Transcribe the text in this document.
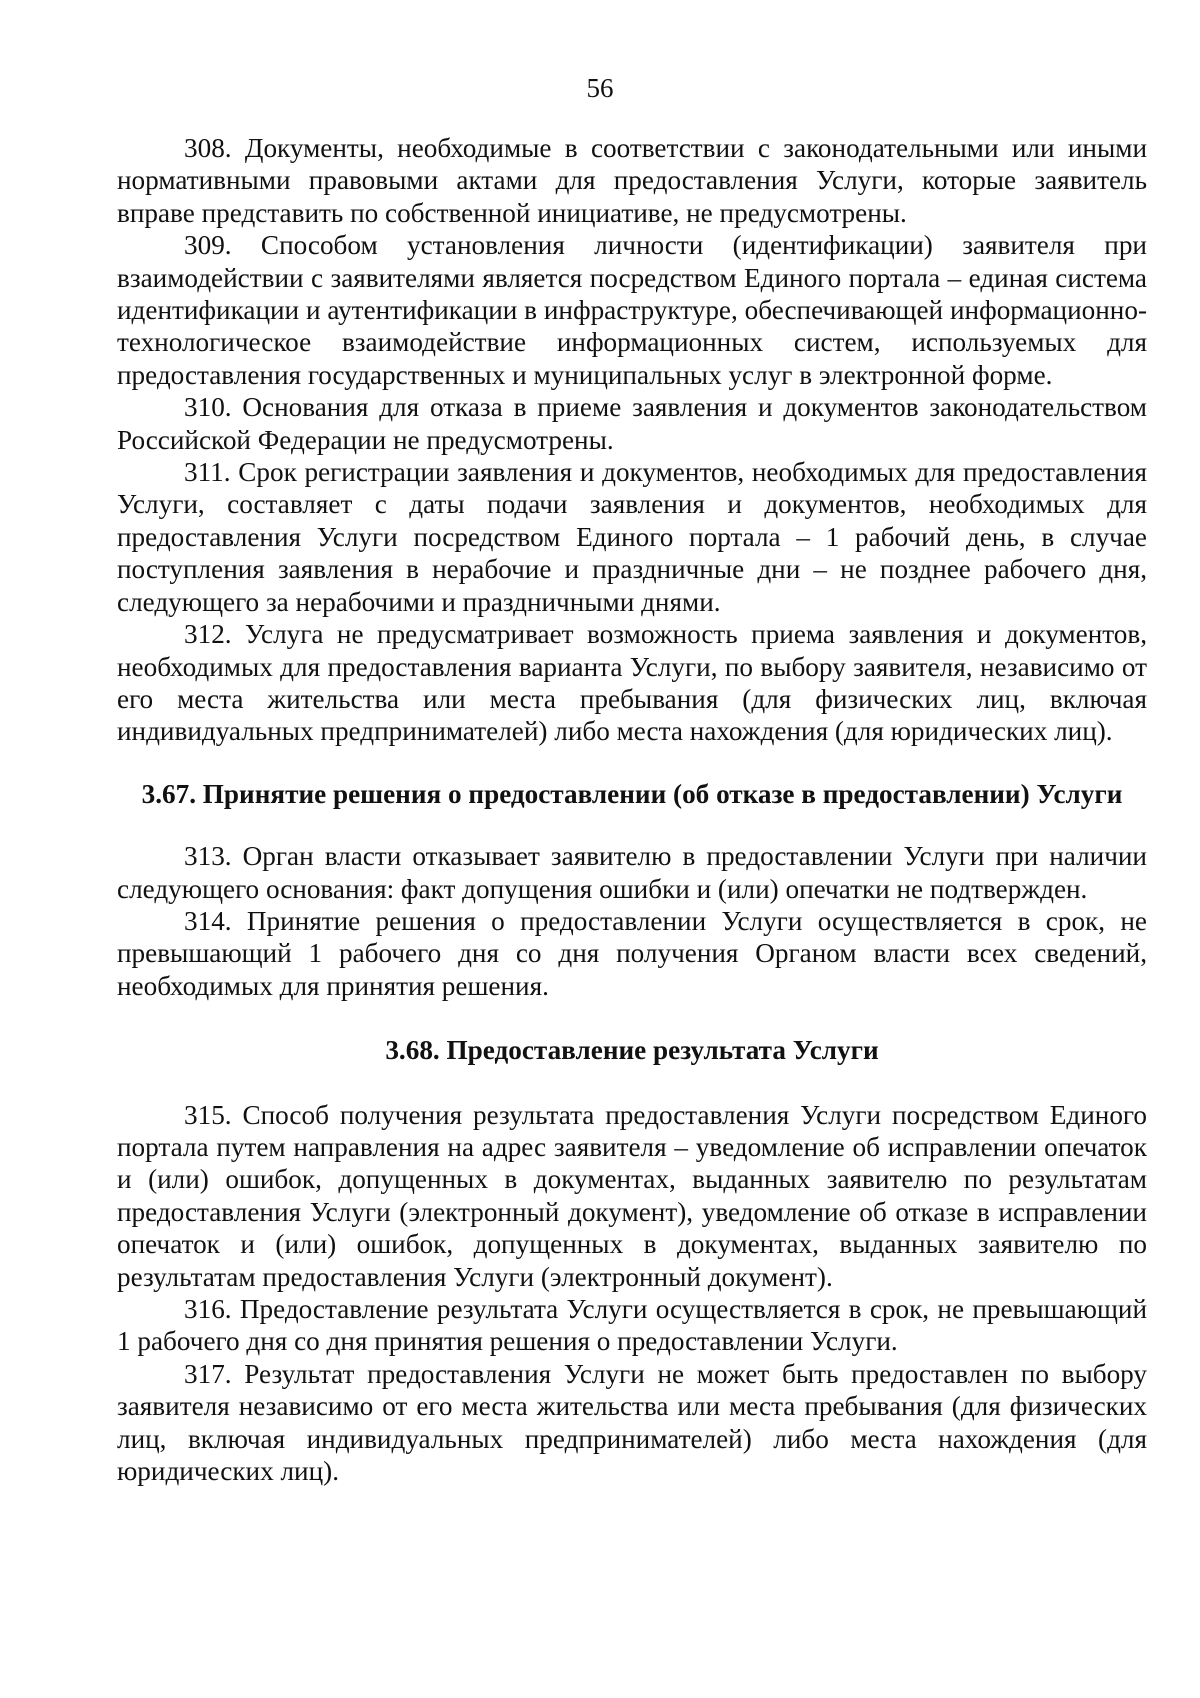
56

308. Документы, необходимые в соответствии с законодательными или иными нормативными правовыми актами для предоставления Услуги, которые заявитель вправе представить по собственной инициативе, не предусмотрены.

309. Способом установления личности (идентификации) заявителя при взаимодействии с заявителями является посредством Единого портала – единая система идентификации и аутентификации в инфраструктуре, обеспечивающей информационно-технологическое взаимодействие информационных систем, используемых для предоставления государственных и муниципальных услуг в электронной форме.

310. Основания для отказа в приеме заявления и документов законодательством Российской Федерации не предусмотрены.

311. Срок регистрации заявления и документов, необходимых для предоставления Услуги, составляет с даты подачи заявления и документов, необходимых для предоставления Услуги посредством Единого портала – 1 рабочий день, в случае поступления заявления в нерабочие и праздничные дни – не позднее рабочего дня, следующего за нерабочими и праздничными днями.

312. Услуга не предусматривает возможность приема заявления и документов, необходимых для предоставления варианта Услуги, по выбору заявителя, независимо от его места жительства или места пребывания (для физических лиц, включая индивидуальных предпринимателей) либо места нахождения (для юридических лиц).

3.67. Принятие решения о предоставлении (об отказе в предоставлении) Услуги

313. Орган власти отказывает заявителю в предоставлении Услуги при наличии следующего основания: факт допущения ошибки и (или) опечатки не подтвержден.

314. Принятие решения о предоставлении Услуги осуществляется в срок, не превышающий 1 рабочего дня со дня получения Органом власти всех сведений, необходимых для принятия решения.

3.68. Предоставление результата Услуги

315. Способ получения результата предоставления Услуги посредством Единого портала путем направления на адрес заявителя – уведомление об исправлении опечаток и (или) ошибок, допущенных в документах, выданных заявителю по результатам предоставления Услуги (электронный документ), уведомление об отказе в исправлении опечаток и (или) ошибок, допущенных в документах, выданных заявителю по результатам предоставления Услуги (электронный документ).

316. Предоставление результата Услуги осуществляется в срок, не превышающий 1 рабочего дня со дня принятия решения о предоставлении Услуги.

317. Результат предоставления Услуги не может быть предоставлен по выбору заявителя независимо от его места жительства или места пребывания (для физических лиц, включая индивидуальных предпринимателей) либо места нахождения (для юридических лиц).
